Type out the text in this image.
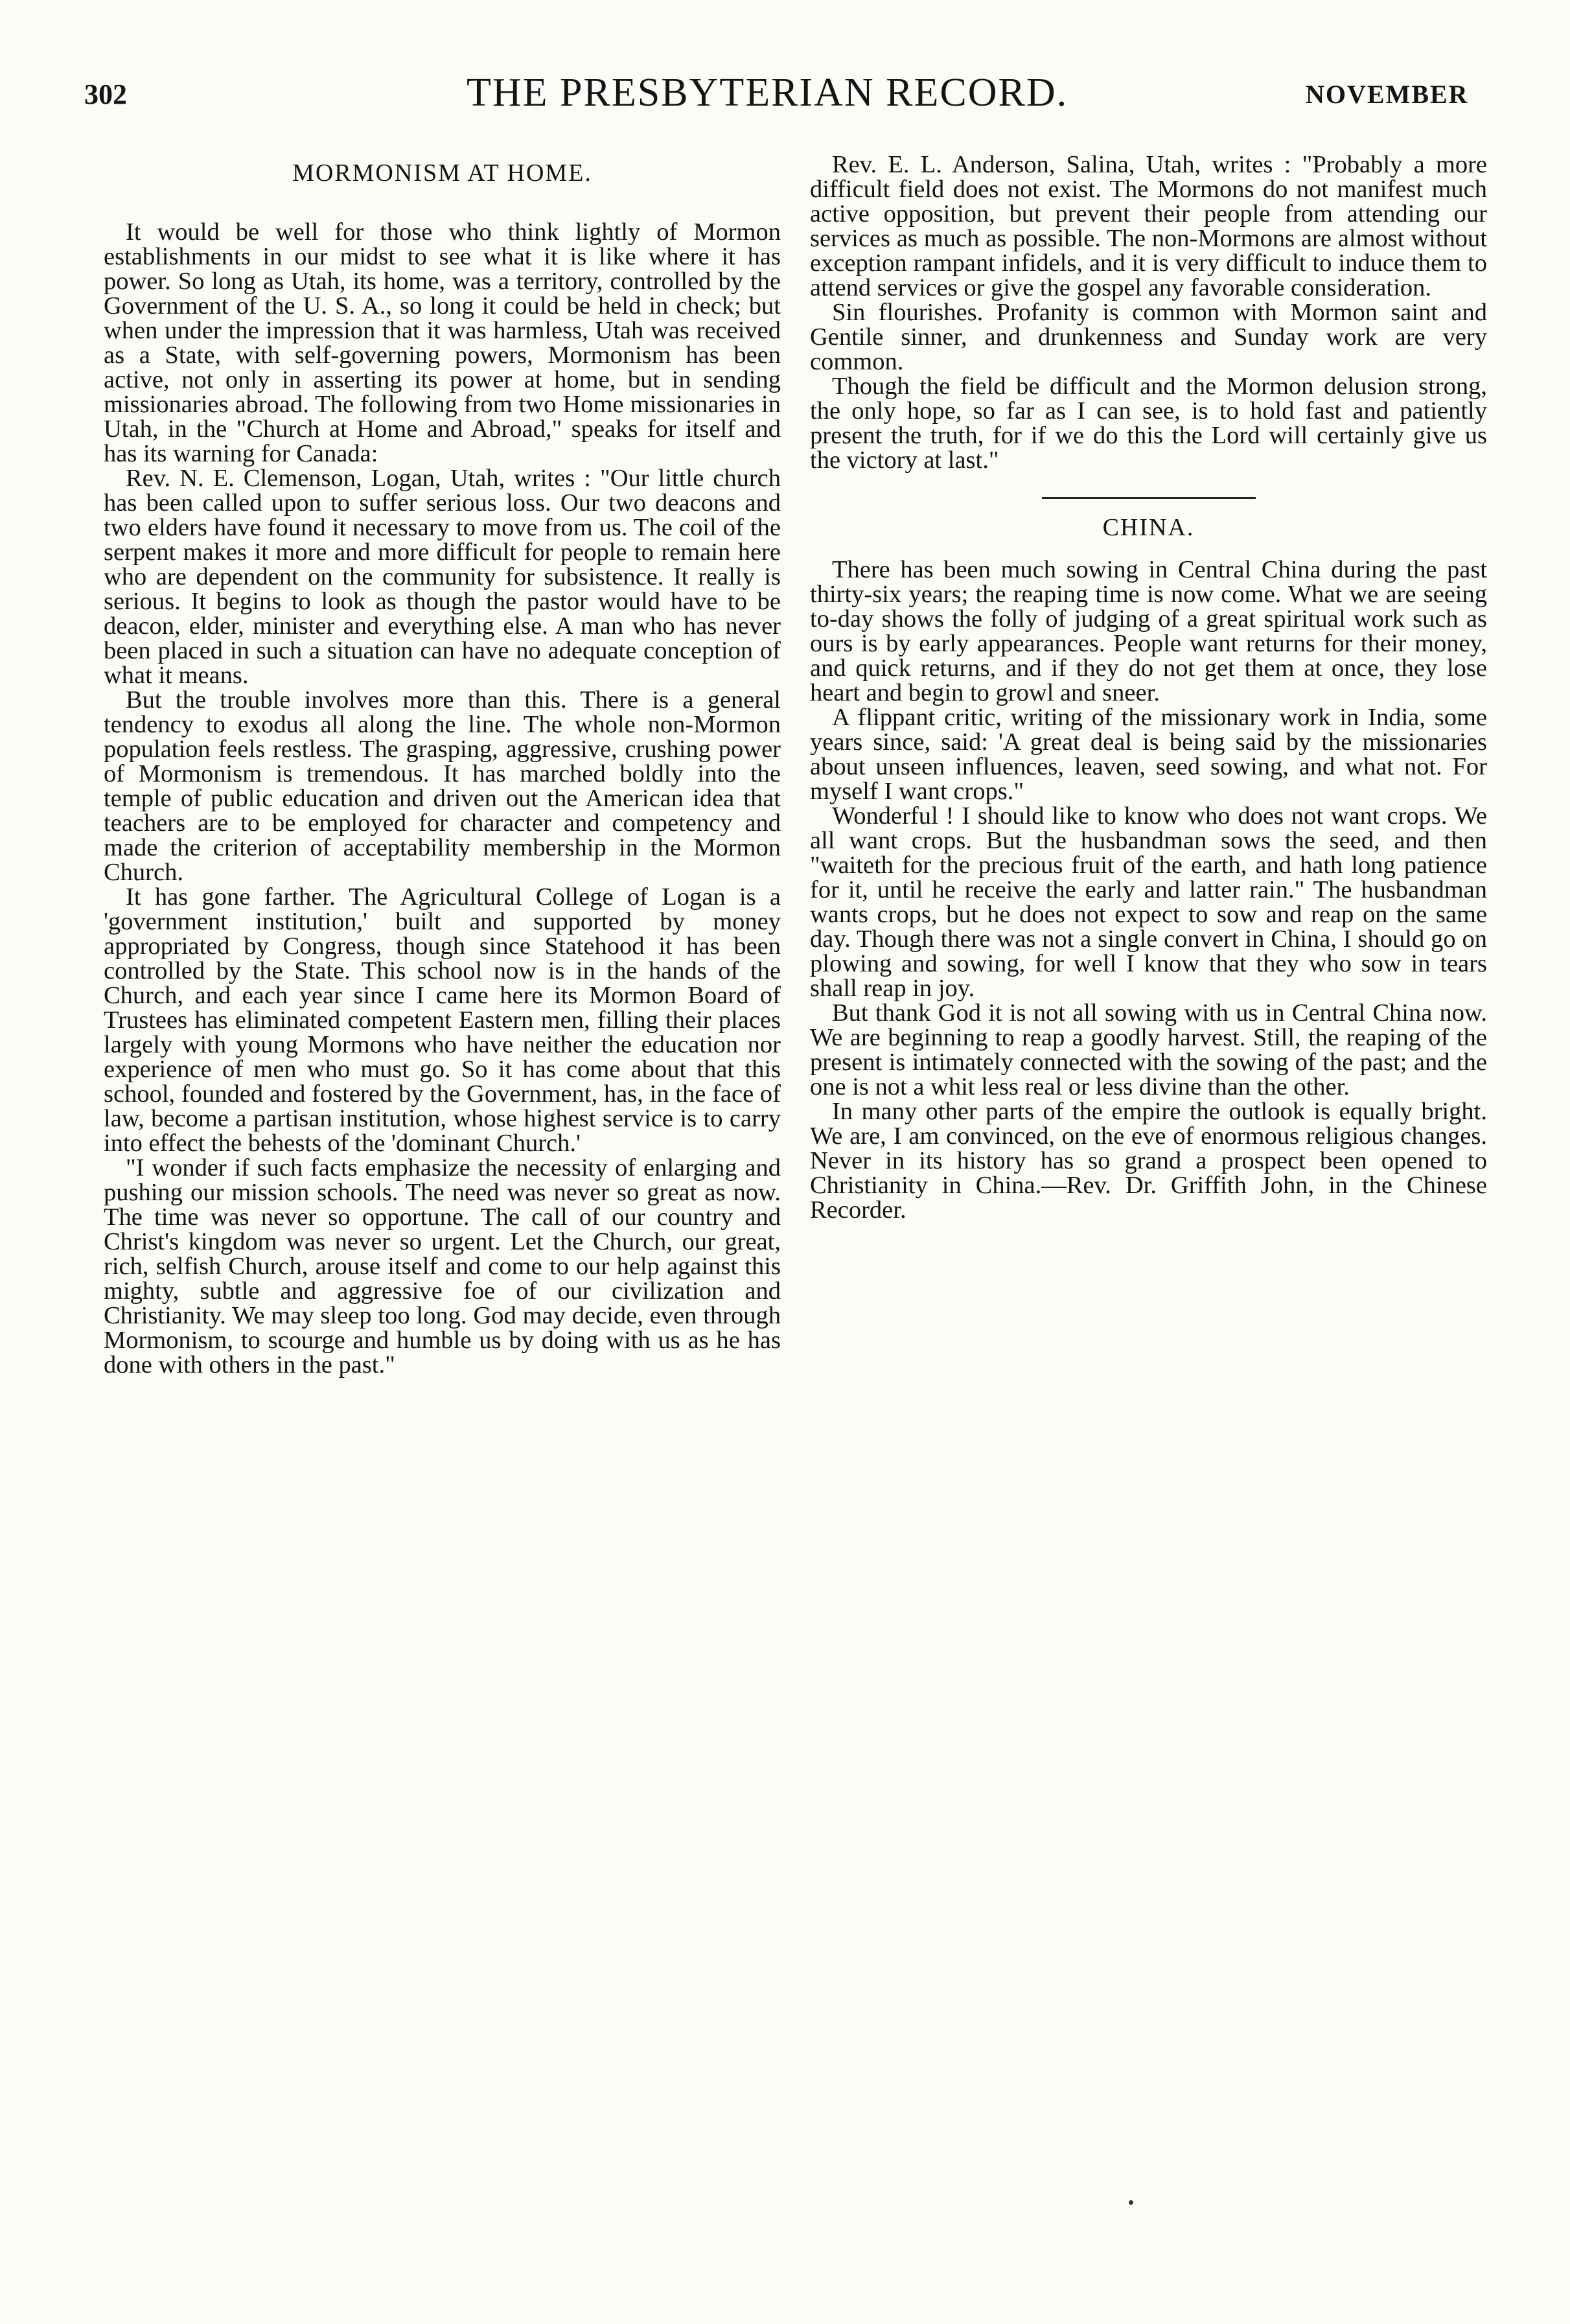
302	THE PRESBYTERIAN RECORD.	NOVEMBER
MORMONISM AT HOME.

It would be well for those who think lightly of Mormon establishments in our midst to see what it is like where it has power. So long as Utah, its home, was a territory, controlled by the Government of the U. S. A., so long it could be held in check; but when under the impression that it was harmless, Utah was received as a State, with self-governing powers, Mormonism has been active, not only in asserting its power at home, but in sending missionaries abroad. The following from two Home missionaries in Utah, in the "Church at Home and Abroad," speaks for itself and has its warning for Canada:

Rev. N. E. Clemenson, Logan, Utah, writes : "Our little church has been called upon to suffer serious loss. Our two deacons and two elders have found it necessary to move from us. The coil of the serpent makes it more and more difficult for people to remain here who are dependent on the community for subsistence. It really is serious. It begins to look as though the pastor would have to be deacon, elder, minister and everything else. A man who has never been placed in such a situation can have no adequate conception of what it means.

But the trouble involves more than this. There is a general tendency to exodus all along the line. The whole non-Mormon population feels restless. The grasping, aggressive, crushing power of Mormonism is tremendous. It has marched boldly into the temple of public education and driven out the American idea that teachers are to be employed for character and competency and made the criterion of acceptability membership in the Mormon Church.

It has gone farther. The Agricultural College of Logan is a 'government institution,' built and supported by money appropriated by Congress, though since Statehood it has been controlled by the State. This school now is in the hands of the Church, and each year since I came here its Mormon Board of Trustees has eliminated competent Eastern men, filling their places largely with young Mormons who have neither the education nor experience of men who must go. So it has come about that this school, founded and fostered by the Government, has, in the face of law, become a partisan institution, whose highest service is to carry into effect the behests of the 'dominant Church.'

"I wonder if such facts emphasize the necessity of enlarging and pushing our mission schools. The need was never so great as now. The time was never so opportune. The call of our country and Christ's kingdom was never so urgent. Let the Church, our great, rich, selfish Church, arouse itself and come to our help against this mighty, subtle and aggressive foe of our civilization and Christianity. We may sleep too long. God may decide, even through Mormonism, to scourge and humble us by doing with us as he has done with others in the past."

Rev. E. L. Anderson, Salina, Utah, writes : "Probably a more difficult field does not exist. The Mormons do not manifest much active opposition, but prevent their people from attending our services as much as possible. The non-Mormons are almost without exception rampant infidels, and it is very difficult to induce them to attend services or give the gospel any favorable consideration.

Sin flourishes. Profanity is common with Mormon saint and Gentile sinner, and drunkenness and Sunday work are very common.

Though the field be difficult and the Mormon delusion strong, the only hope, so far as I can see, is to hold fast and patiently present the truth, for if we do this the Lord will certainly give us the victory at last."

CHINA.

There has been much sowing in Central China during the past thirty-six years; the reaping time is now come. What we are seeing to-day shows the folly of judging of a great spiritual work such as ours is by early appearances. People want returns for their money, and quick returns, and if they do not get them at once, they lose heart and begin to growl and sneer.

A flippant critic, writing of the missionary work in India, some years since, said: 'A great deal is being said by the missionaries about unseen influences, leaven, seed sowing, and what not. For myself I want crops."

Wonderful ! I should like to know who does not want crops. We all want crops. But the husbandman sows the seed, and then "waiteth for the precious fruit of the earth, and hath long patience for it, until he receive the early and latter rain." The husbandman wants crops, but he does not expect to sow and reap on the same day. Though there was not a single convert in China, I should go on plowing and sowing, for well I know that they who sow in tears shall reap in joy.

But thank God it is not all sowing with us in Central China now. We are beginning to reap a goodly harvest. Still, the reaping of the present is intimately connected with the sowing of the past; and the one is not a whit less real or less divine than the other.

In many other parts of the empire the outlook is equally bright. We are, I am convinced, on the eve of enormous religious changes. Never in its history has so grand a prospect been opened to Christianity in China.—Rev. Dr. Griffith John, in the Chinese Recorder.
